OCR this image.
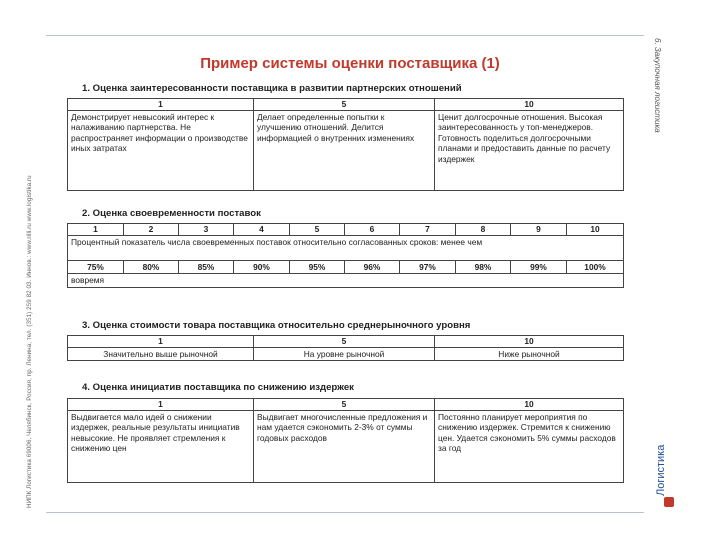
НИПК Логистика 69006, Челябинск, Россия, пр. Ленина, тел. (351) 259 82 03. Иннов.: www.rilli.ru www.logistika.ru
6. Закупочная логистика
Логистика
Пример системы оценки поставщика (1)
1. Оценка заинтересованности поставщика в развитии партнерских отношений
1	5	10
Демонстрирует невысокий интерес к налаживанию партнерства. Не распространяет информации о производстве иных затратах	Делает определенные попытки к улучшению отношений. Делится информацией о внутренних изменениях	Ценит долгосрочные отношения. Высокая заинтересованность у топ-менеджеров. Готовность поделиться долгосрочными планами и предоставить данные по расчету издержек
2. Оценка своевременности поставок
1	2	3	4	5	6	7	8	9	10
Процентный показатель числа своевременных поставок относительно согласованных сроков: менее чем									
75%	80%	85%	90%	95%	96%	97%	98%	99%	100%
вовремя									
3. Оценка стоимости товара поставщика относительно среднерыночного уровня
1	5	10
Значительно выше рыночной	На уровне рыночной	Ниже рыночной
4. Оценка инициатив поставщика по снижению издержек
1	5	10
Выдвигается мало идей о снижении издержек, реальные результаты инициатив невысокие. Не проявляет стремления к снижению цен	Выдвигает многочисленные предложения и нам удается сэкономить 2-3% от суммы годовых расходов	Постоянно планирует мероприятия по снижению издержек. Стремится к снижению цен. Удается сэкономить 5% суммы расходов за год
